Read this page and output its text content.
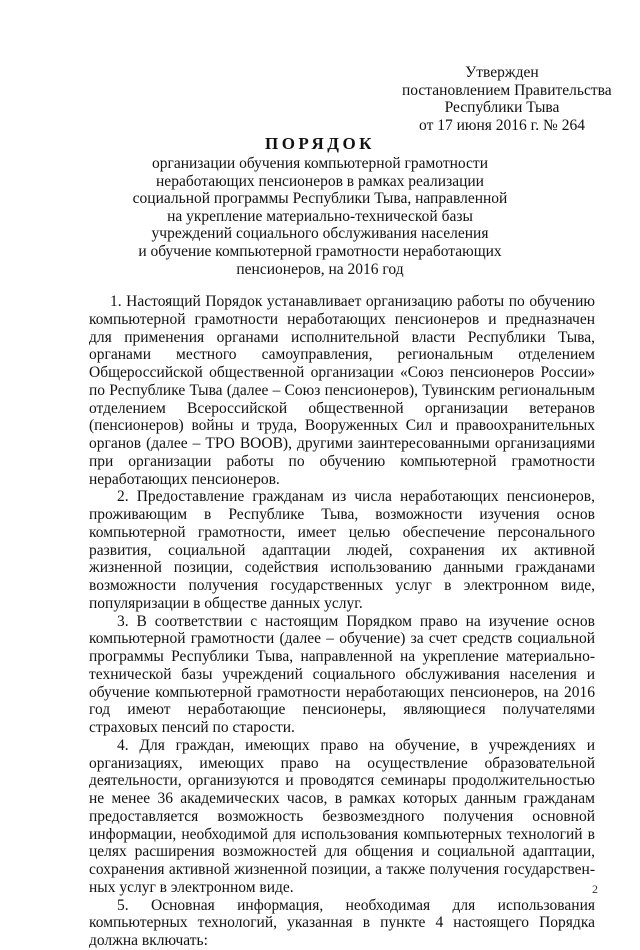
Утвержден
постановлением Правительства
Республики Тыва
от 17 июня 2016 г. № 264
ПОРЯДОК
организации обучения компьютерной грамотности
неработающих пенсионеров в рамках реализации
социальной программы Республики Тыва, направленной
на укрепление материально-технической базы
учреждений социального обслуживания населения
и обучение компьютерной грамотности неработающих
пенсионеров, на 2016 год

1. Настоящий Порядок устанавливает организацию работы по обучению компьютерной грамотности неработающих пенсионеров и предназначен для применения органами исполнительной власти Республики Тыва, органами местного самоуправления, региональным отделением Общероссийской общественной организации «Союз пенсионеров России» по Республике Тыва (далее – Союз пенсионеров), Тувинским региональным отделением Всероссийской общественной организации ветеранов (пенсионеров) войны и труда, Вооруженных Сил и правоохранительных органов (далее – ТРО ВООВ), другими заинтересованными организациями при организации работы по обучению компьютерной грамотности неработающих пенсионеров.

2. Предоставление гражданам из числа неработающих пенсионеров, проживающим в Республике Тыва, возможности изучения основ компьютерной грамотности, имеет целью обеспечение персонального развития, социальной адаптации людей, сохранения их активной жизненной позиции, содействия использованию данными гражданами возможности получения государственных услуг в электронном виде, популяризации в обществе данных услуг.

3. В соответствии с настоящим Порядком право на изучение основ компьютерной грамотности (далее – обучение) за счет средств социальной программы Республики Тыва, направленной на укрепление материально-технической базы учреждений социального обслуживания населения и обучение компьютерной грамотности неработающих пенсионеров, на 2016 год имеют неработающие пенсионеры, являющиеся получателями страховых пенсий по старости.

4. Для граждан, имеющих право на обучение, в учреждениях и организациях, имеющих право на осуществление образовательной деятельности, организуются и проводятся семинары продолжительностью не менее 36 академических часов, в рамках которых данным гражданам предоставляется возможность безвозмездного получения основной информации, необходимой для использования компьютерных технологий в целях расширения возможностей для общения и социальной адаптации, сохранения активной жизненной позиции, а также получения государственных услуг в электронном виде.

5. Основная информация, необходимая для использования компьютерных технологий, указанная в пункте 4 настоящего Порядка должна включать:

2
